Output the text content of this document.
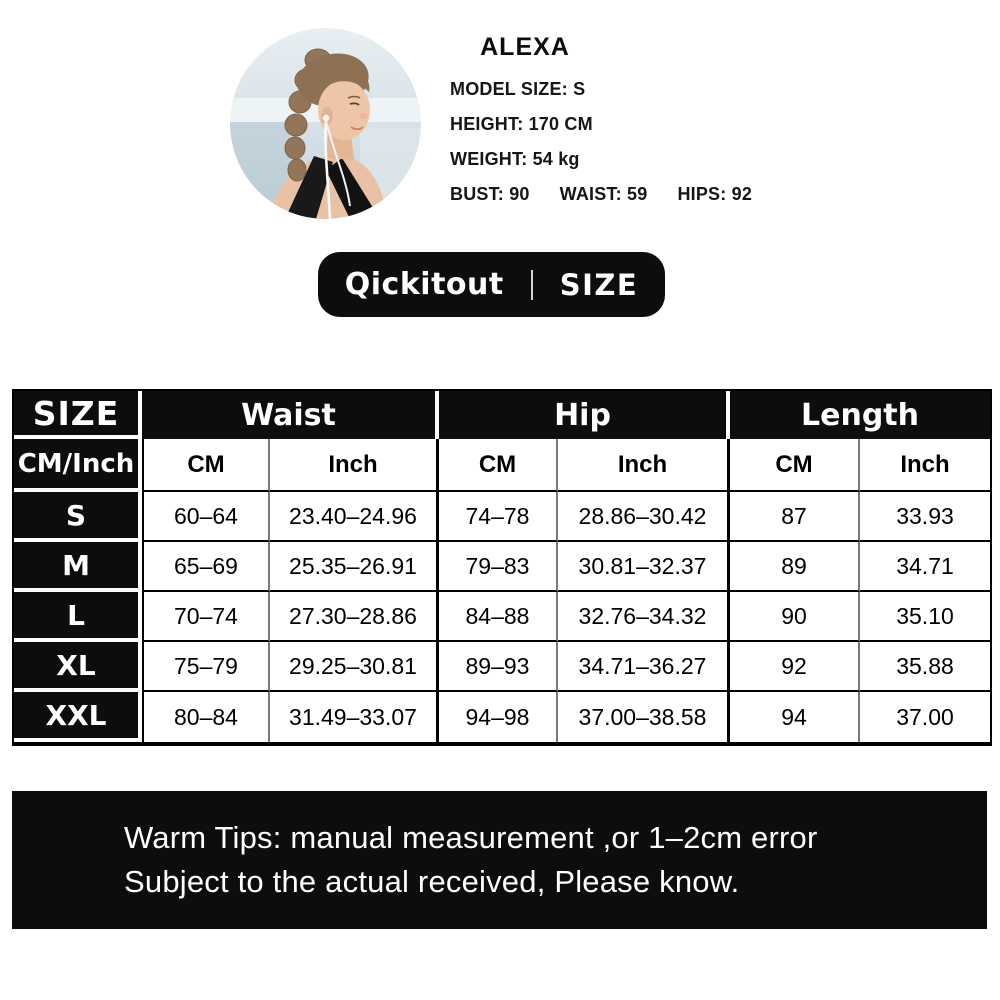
ALEXA
MODEL SIZE: S
HEIGHT: 170 CM
WEIGHT: 54 kg
BUST: 90 WAIST: 59 HIPS: 92
Qickitout SIZE
SIZE	Waist		Hip		Length	
CM/Inch	CM	Inch	CM	Inch	CM	Inch
S	60–64	23.40–24.96	74–78	28.86–30.42	87	33.93
M	65–69	25.35–26.91	79–83	30.81–32.37	89	34.71
L	70–74	27.30–28.86	84–88	32.76–34.32	90	35.10
XL	75–79	29.25–30.81	89–93	34.71–36.27	92	35.88
XXL	80–84	31.49–33.07	94–98	37.00–38.58	94	37.00
Warm Tips: manual measurement ,or 1–2cm error
Subject to the actual received, Please know.
